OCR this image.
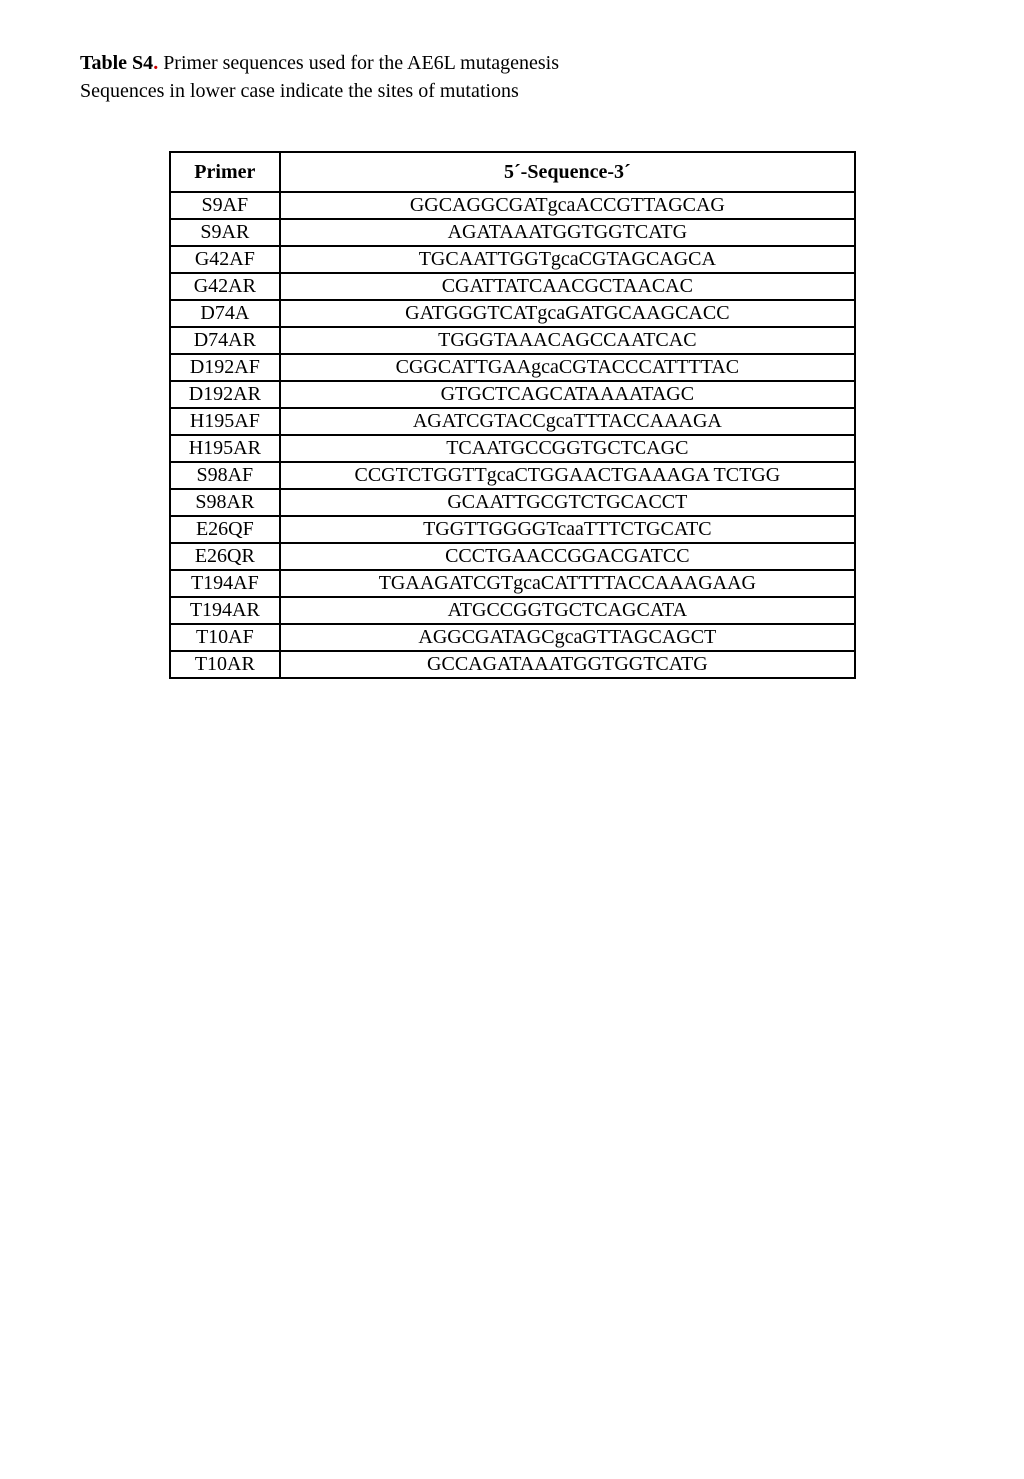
Table S4. Primer sequences used for the AE6L mutagenesis
Sequences in lower case indicate the sites of mutations
Primer	5´-Sequence-3´
S9AF	GGCAGGCGATgcaACCGTTAGCAG
S9AR	AGATAAATGGTGGTCATG
G42AF	TGCAATTGGTgcaCGTAGCAGCA
G42AR	CGATTATCAACGCTAACAC
D74A	GATGGGTCATgcaGATGCAAGCACC
D74AR	TGGGTAAACAGCCAATCAC
D192AF	CGGCATTGAAgcaCGTACCCATTTTAC
D192AR	GTGCTCAGCATAAAATAGC
H195AF	AGATCGTACCgcaTTTACCAAAGA
H195AR	TCAATGCCGGTGCTCAGC
S98AF	CCGTCTGGTTgcaCTGGAACTGAAAGA TCTGG
S98AR	GCAATTGCGTCTGCACCT
E26QF	TGGTTGGGGTcaaTTTCTGCATC
E26QR	CCCTGAACCGGACGATCC
T194AF	TGAAGATCGTgcaCATTTTACCAAAGAAG
T194AR	ATGCCGGTGCTCAGCATA
T10AF	AGGCGATAGCgcaGTTAGCAGCT
T10AR	GCCAGATAAATGGTGGTCATG
